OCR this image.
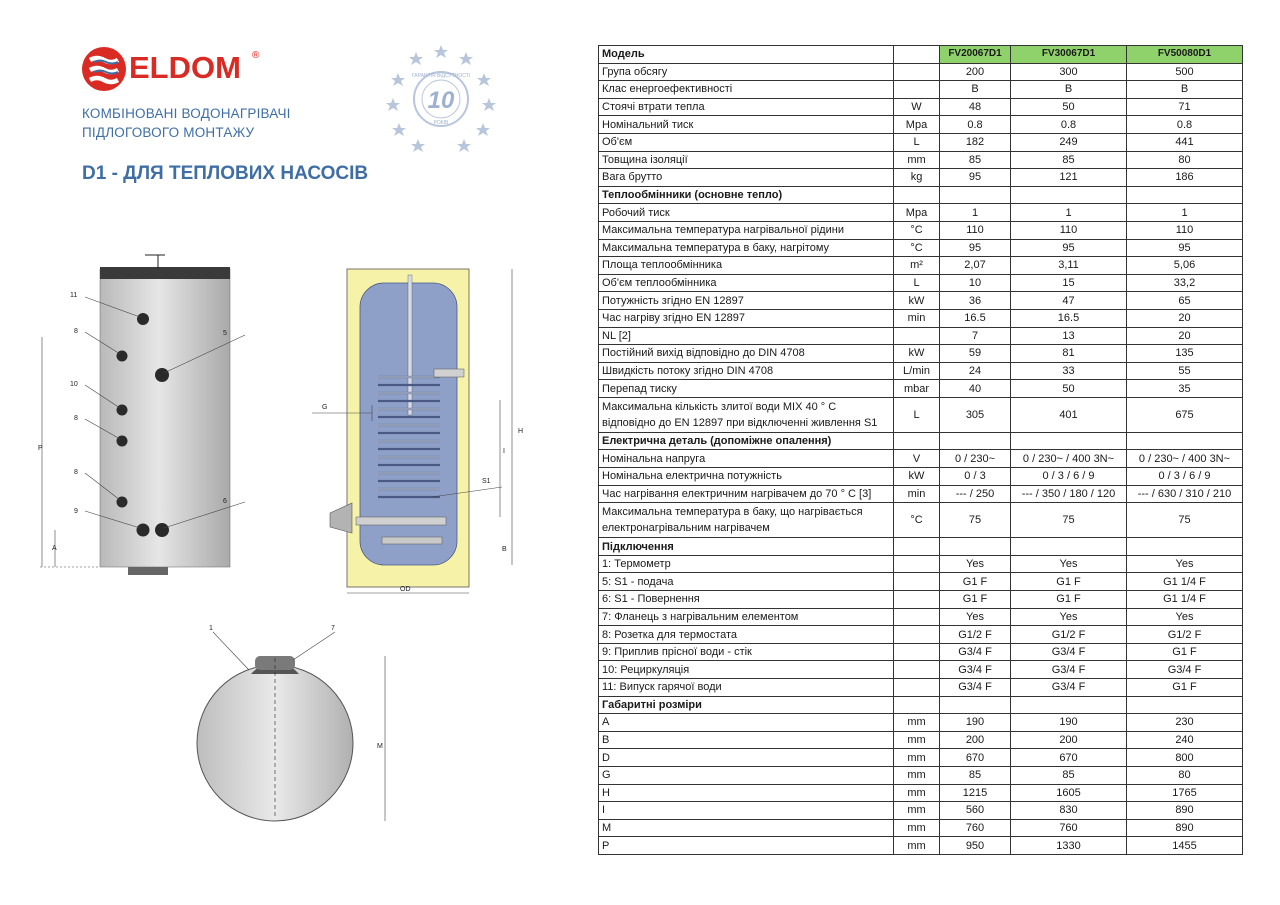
ELDOM ®
10
ГАРАНТІЯ ВІДСУТНОСТІ
РОКІВ
КОМБІНОВАНІ ВОДОНАГРІВАЧІ
ПІДЛОГОВОГО МОНТАЖУ
D1 - ДЛЯ ТЕПЛОВИХ НАСОСІВ
11
8
10
8
8
9
5
6
P
A
G
S1
H
I
B
OD
1	7
M
Модель		FV20067D1	FV30067D1	FV50080D1
Група обсягу		200	300	500
Клас енергоефективності		B	B	B
Стоячі втрати тепла	W	48	50	71
Номінальний тиск	Mpa	0.8	0.8	0.8
Об'єм	L	182	249	441
Товщина ізоляції	mm	85	85	80
Вага брутто	kg	95	121	186
Теплообмінники (основне тепло)				
Робочий тиск	Mpa	1	1	1
Максимальна температура нагрівальної рідини	°C	110	110	110
Максимальна температура в баку, нагрітому	°C	95	95	95
Площа теплообмінника	m²	2,07	3,11	5,06
Об'єм теплообмінника	L	10	15	33,2
Потужність згідно EN 12897	kW	36	47	65
Час нагріву згідно EN 12897	min	16.5	16.5	20
NL [2]		7	13	20
Постійний вихід відповідно до DIN 4708	kW	59	81	135
Швидкість потоку згідно DIN 4708	L/min	24	33	55
Перепад тиску	mbar	40	50	35

Максимальна кількість злитої води MIX 40 ° C
відповідно до EN 12897 при відключенні живлення S1	L	305	401	675
Електрична деталь (допоміжне опалення)				
Номінальна напруга	V	0 / 230~	0 / 230~ / 400 3N~	0 / 230~ / 400 3N~
Номінальна електрична потужність	kW	0 / 3	0 / 3 / 6 / 9	0 / 3 / 6 / 9
Час нагрівання електричним нагрівачем до 70 ° C [3]	min	--- / 250	--- / 350 / 180 / 120	--- / 630 / 310 / 210

Максимальна температура в баку, що нагрівається
електронагрівальним нагрівачем	°C	75	75	75
Підключення				
1: Термометр		Yes	Yes	Yes
5: S1 - подача		G1 F	G1 F	G1 1/4 F
6: S1 - Повернення		G1 F	G1 F	G1 1/4 F
7: Фланець з нагрівальним елементом		Yes	Yes	Yes
8: Розетка для термостата		G1/2 F	G1/2 F	G1/2 F
9: Приплив прісної води - стік		G3/4 F	G3/4 F	G1 F
10: Рециркуляція		G3/4 F	G3/4 F	G3/4 F
11: Випуск гарячої води		G3/4 F	G3/4 F	G1 F
Габаритні розміри				
A	mm	190	190	230
B	mm	200	200	240
D	mm	670	670	800
G	mm	85	85	80
H	mm	1215	1605	1765
I	mm	560	830	890
M	mm	760	760	890
P	mm	950	1330	1455
